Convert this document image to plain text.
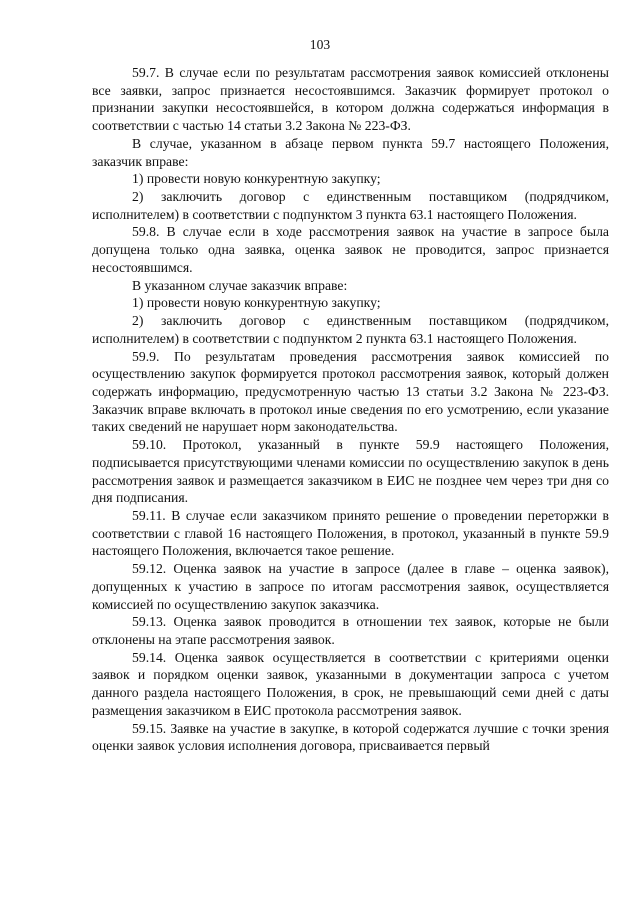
103

59.7. В случае если по результатам рассмотрения заявок комиссией отклонены все заявки, запрос признается несостоявшимся. Заказчик формирует протокол о признании закупки несостоявшейся, в котором должна содержаться информация в соответствии с частью 14 статьи 3.2 Закона № 223-ФЗ.

В случае, указанном в абзаце первом пункта 59.7 настоящего Положения, заказчик вправе:

1) провести новую конкурентную закупку;

2) заключить договор с единственным поставщиком (подрядчиком, исполнителем) в соответствии с подпунктом 3 пункта 63.1 настоящего Положения.

59.8. В случае если в ходе рассмотрения заявок на участие в запросе была допущена только одна заявка, оценка заявок не проводится, запрос признается несостоявшимся.

В указанном случае заказчик вправе:

1) провести новую конкурентную закупку;

2) заключить договор с единственным поставщиком (подрядчиком, исполнителем) в соответствии с подпунктом 2 пункта 63.1 настоящего Положения.

59.9. По результатам проведения рассмотрения заявок комиссией по осуществлению закупок формируется протокол рассмотрения заявок, который должен содержать информацию, предусмотренную частью 13 статьи 3.2 Закона № 223-ФЗ. Заказчик вправе включать в протокол иные сведения по его усмотрению, если указание таких сведений не нарушает норм законодательства.

59.10. Протокол, указанный в пункте 59.9 настоящего Положения, подписывается присутствующими членами комиссии по осуществлению закупок в день рассмотрения заявок и размещается заказчиком в ЕИС не позднее чем через три дня со дня подписания.

59.11. В случае если заказчиком принято решение о проведении переторжки в соответствии с главой 16 настоящего Положения, в протокол, указанный в пункте 59.9 настоящего Положения, включается такое решение.

59.12. Оценка заявок на участие в запросе (далее в главе – оценка заявок), допущенных к участию в запросе по итогам рассмотрения заявок, осуществляется комиссией по осуществлению закупок заказчика.

59.13. Оценка заявок проводится в отношении тех заявок, которые не были отклонены на этапе рассмотрения заявок.

59.14. Оценка заявок осуществляется в соответствии с критериями оценки заявок и порядком оценки заявок, указанными в документации запроса с учетом данного раздела настоящего Положения, в срок, не превышающий семи дней с даты размещения заказчиком в ЕИС протокола рассмотрения заявок.

59.15. Заявке на участие в закупке, в которой содержатся лучшие с точки зрения оценки заявок условия исполнения договора, присваивается первый
